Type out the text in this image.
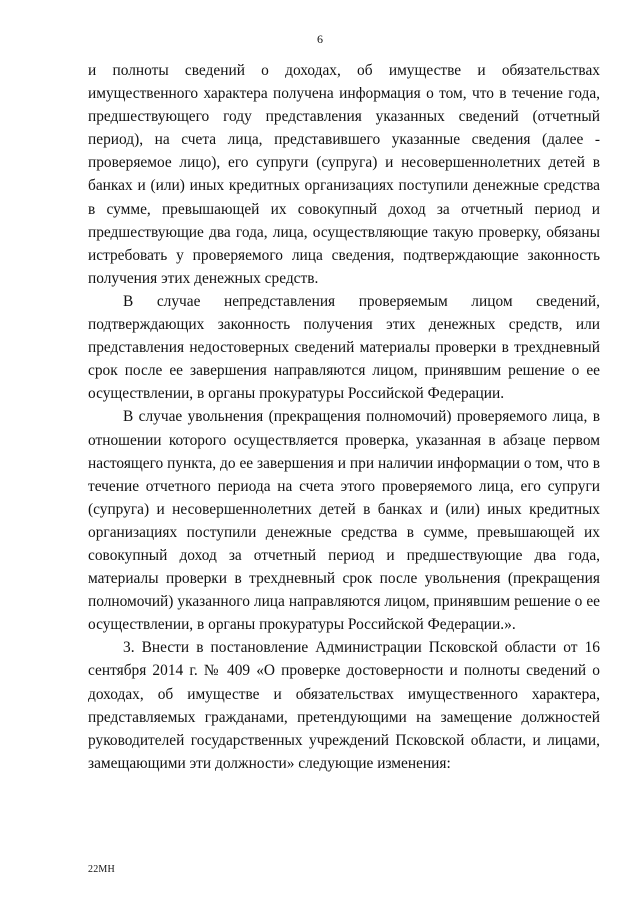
6

и полноты сведений о доходах, об имуществе и обязательствах имущественного характера получена информация о том, что в течение года, предшествующего году представления указанных сведений (отчетный период), на счета лица, представившего указанные сведения (далее - проверяемое лицо), его супруги (супруга) и несовершеннолетних детей в банках и (или) иных кредитных организациях поступили денежные средства в сумме, превышающей их совокупный доход за отчетный период и предшествующие два года, лица, осуществляющие такую проверку, обязаны истребовать у проверяемого лица сведения, подтверждающие законность получения этих денежных средств.

В случае непредставления проверяемым лицом сведений, подтверждающих законность получения этих денежных средств, или представления недостоверных сведений материалы проверки в трехдневный срок после ее завершения направляются лицом, принявшим решение о ее осуществлении, в органы прокуратуры Российской Федерации.

В случае увольнения (прекращения полномочий) проверяемого лица, в отношении которого осуществляется проверка, указанная в абзаце первом настоящего пункта, до ее завершения и при наличии информации о том, что в течение отчетного периода на счета этого проверяемого лица, его супруги (супруга) и несовершеннолетних детей в банках и (или) иных кредитных организациях поступили денежные средства в сумме, превышающей их совокупный доход за отчетный период и предшествующие два года, материалы проверки в трехдневный срок после увольнения (прекращения полномочий) указанного лица направляются лицом, принявшим решение о ее осуществлении, в органы прокуратуры Российской Федерации.».

3. Внести в постановление Администрации Псковской области от 16 сентября 2014 г. № 409 «О проверке достоверности и полноты сведений о доходах, об имуществе и обязательствах имущественного характера, представляемых гражданами, претендующими на замещение должностей руководителей государственных учреждений Псковской области, и лицами, замещающими эти должности» следующие изменения:

22МН
